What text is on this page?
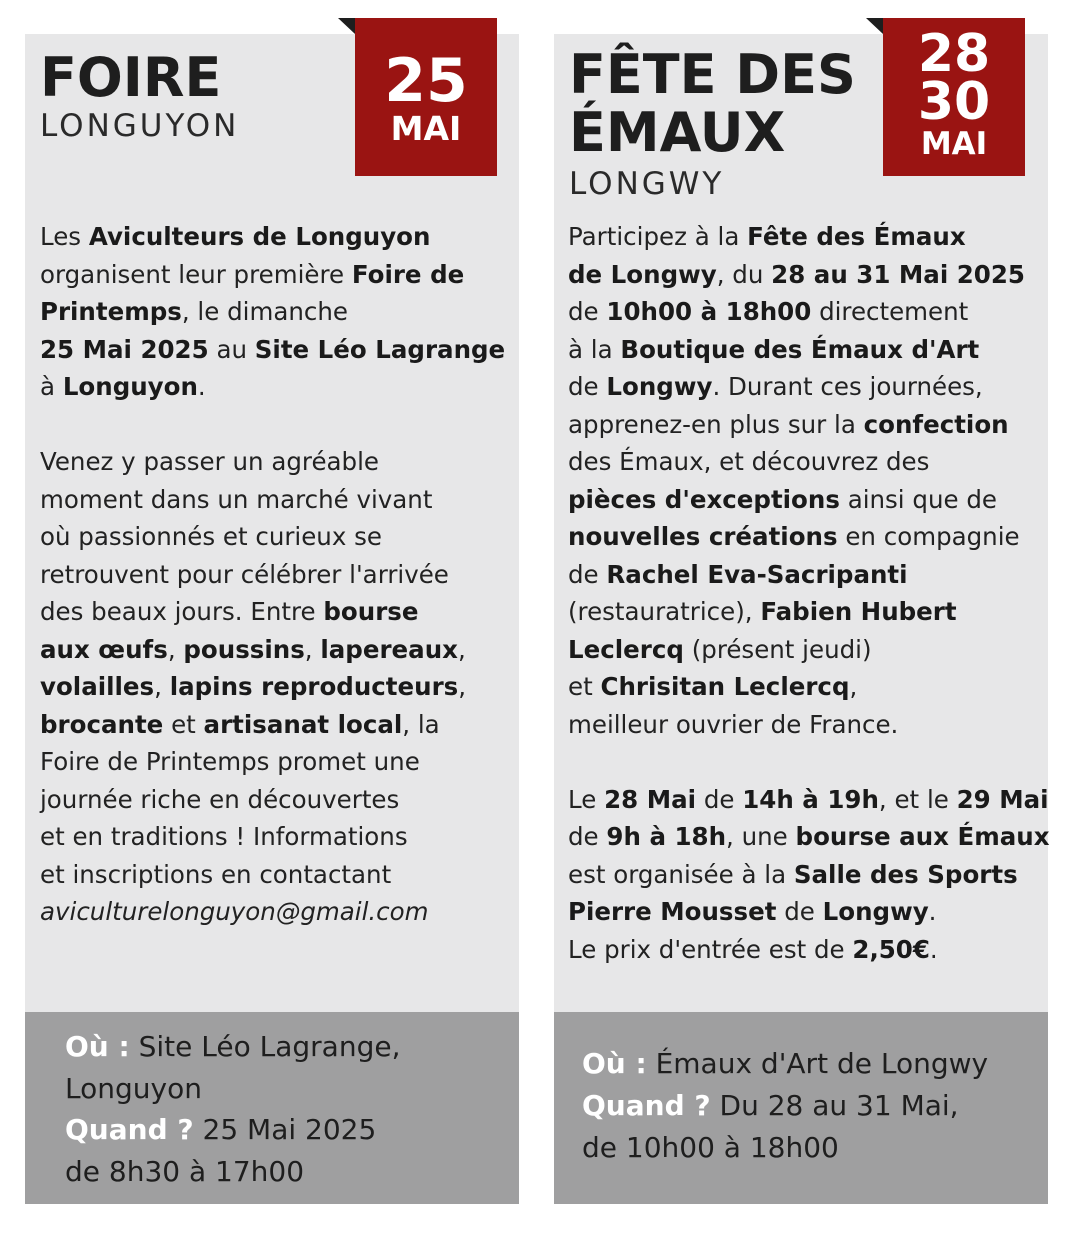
FOIRE
LONGUYON
Les Aviculteurs de Longuyon
organisent leur première Foire de
Printemps, le dimanche
25 Mai 2025 au Site Léo Lagrange
à Longuyon.
Venez y passer un agréable
moment dans un marché vivant
où passionnés et curieux se
retrouvent pour célébrer l'arrivée
des beaux jours. Entre bourse
aux œufs, poussins, lapereaux,
volailles, lapins reproducteurs,
brocante et artisanat local, la
Foire de Printemps promet une
journée riche en découvertes
et en traditions ! Informations
et inscriptions en contactant
aviculturelonguyon@gmail.com
25
MAI
Où : Site Léo Lagrange,
Longuyon
Quand ? 25 Mai 2025
de 8h30 à 17h00
FÊTE DES
ÉMAUX
LONGWY
Participez à la Fête des Émaux
de Longwy, du 28 au 31 Mai 2025
de 10h00 à 18h00 directement
à la Boutique des Émaux d'Art
de Longwy. Durant ces journées,
apprenez-en plus sur la confection
des Émaux, et découvrez des
pièces d'exceptions ainsi que de
nouvelles créations en compagnie
de Rachel Eva-Sacripanti
(restauratrice), Fabien Hubert
Leclercq (présent jeudi)
et Chrisitan Leclercq,
meilleur ouvrier de France.
Le 28 Mai de 14h à 19h, et le 29 Mai
de 9h à 18h, une bourse aux Émaux
est organisée à la Salle des Sports
Pierre Mousset de Longwy.
Le prix d'entrée est de 2,50€.
28
30
MAI
Où : Émaux d'Art de Longwy
Quand ? Du 28 au 31 Mai,
de 10h00 à 18h00
